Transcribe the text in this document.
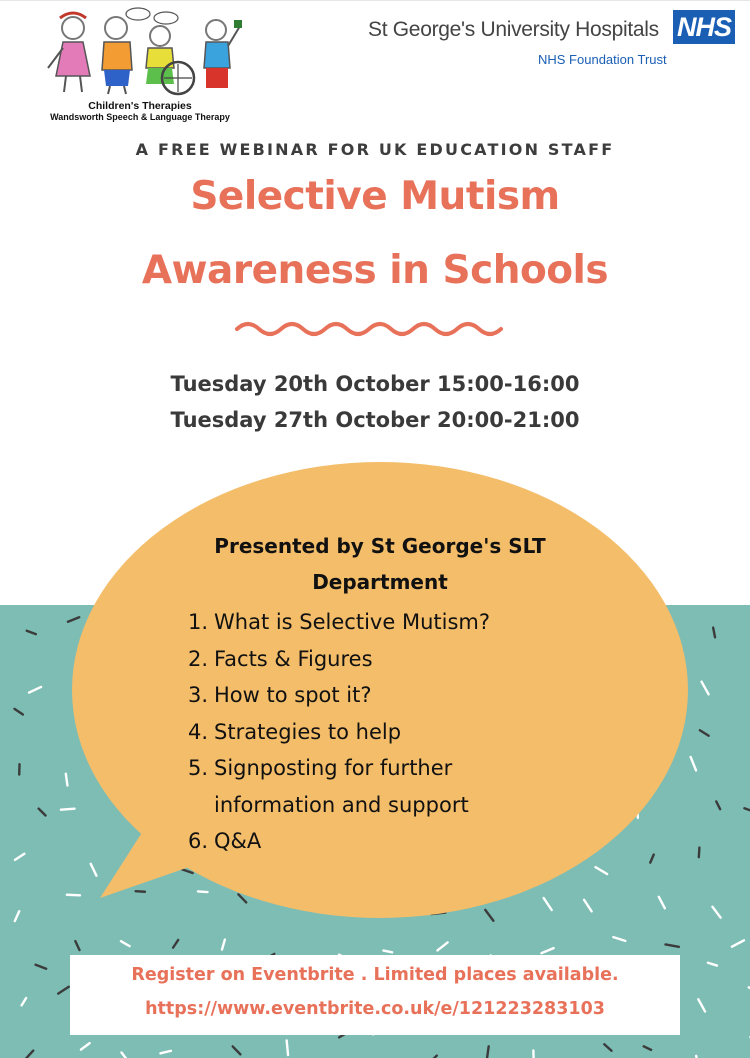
Children's Therapies
Wandsworth Speech & Language Therapy
St George's University Hospitals NHS
NHS Foundation Trust
A FREE WEBINAR FOR UK EDUCATION STAFF
Selective Mutism
Awareness in Schools
Tuesday 20th October 15:00-16:00
Tuesday 27th October 20:00-21:00
Presented by St George's SLT
Department
1. What is Selective Mutism?
2. Facts & Figures
3. How to spot it?
4. Strategies to help
5. Signposting for further
information and support
6. Q&A
Register on Eventbrite . Limited places available.
https://www.eventbrite.co.uk/e/121223283103
